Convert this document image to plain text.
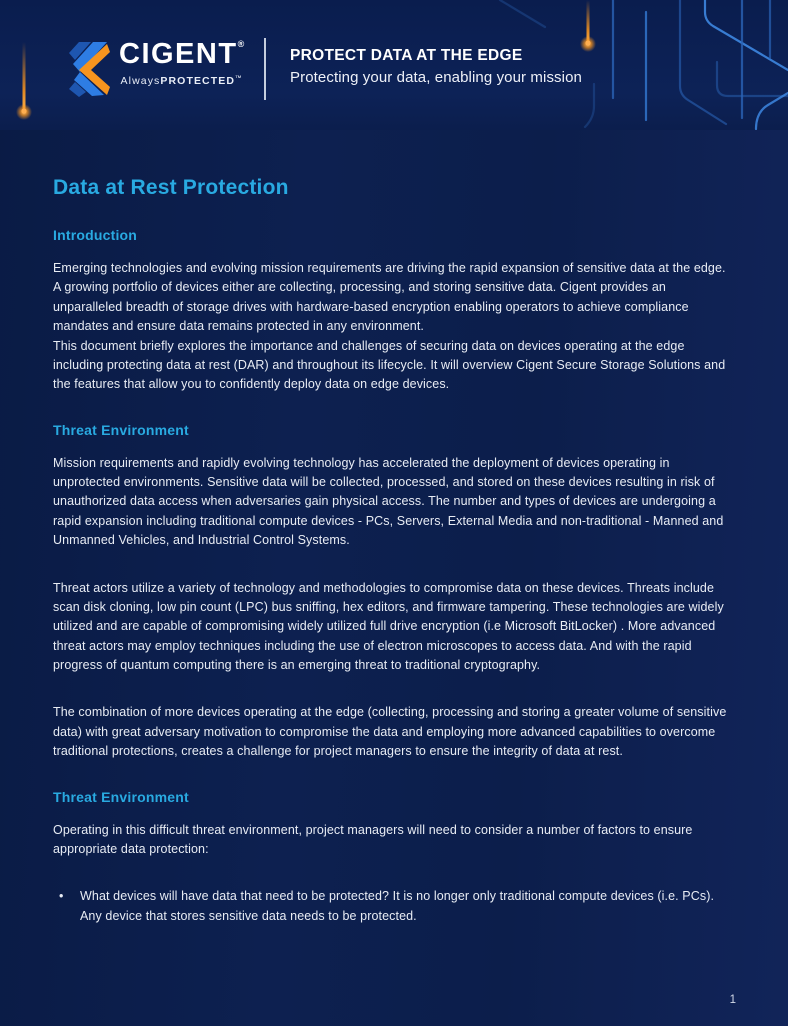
CIGENT®
AlwaysPROTECTED™
PROTECT DATA AT THE EDGE
Protecting your data, enabling your mission
Data at Rest Protection
Introduction

Emerging technologies and evolving mission requirements are driving the rapid expansion of sensitive data at the edge. A growing portfolio of devices either are collecting, processing, and storing sensitive data. Cigent provides an unparalleled breadth of storage drives with hardware-based encryption enabling operators to achieve compliance mandates and ensure data remains protected in any environment.

This document briefly explores the importance and challenges of securing data on devices operating at the edge including protecting data at rest (DAR) and throughout its lifecycle. It will overview Cigent Secure Storage Solutions and the features that allow you to confidently deploy data on edge devices.

Threat Environment

Mission requirements and rapidly evolving technology has accelerated the deployment of devices operating in unprotected environments. Sensitive data will be collected, processed, and stored on these devices resulting in risk of unauthorized data access when adversaries gain physical access. The number and types of devices are undergoing a rapid expansion including traditional compute devices - PCs, Servers, External Media and non-traditional - Manned and Unmanned Vehicles, and Industrial Control Systems.

Threat actors utilize a variety of technology and methodologies to compromise data on these devices. Threats include scan disk cloning, low pin count (LPC) bus sniffing, hex editors, and firmware tampering. These technologies are widely utilized and are capable of compromising widely utilized full drive encryption (i.e Microsoft BitLocker) . More advanced threat actors may employ techniques including the use of electron microscopes to access data. And with the rapid progress of quantum computing there is an emerging threat to traditional cryptography.

The combination of more devices operating at the edge (collecting, processing and storing a greater volume of sensitive data) with great adversary motivation to compromise the data and employing more advanced capabilities to overcome traditional protections, creates a challenge for project managers to ensure the integrity of data at rest.

Threat Environment

Operating in this difficult threat environment, project managers will need to consider a number of factors to ensure appropriate data protection:

•	What devices will have data that need to be protected? It is no longer only traditional compute devices (i.e. PCs). Any device that stores sensitive data needs to be protected.
1
